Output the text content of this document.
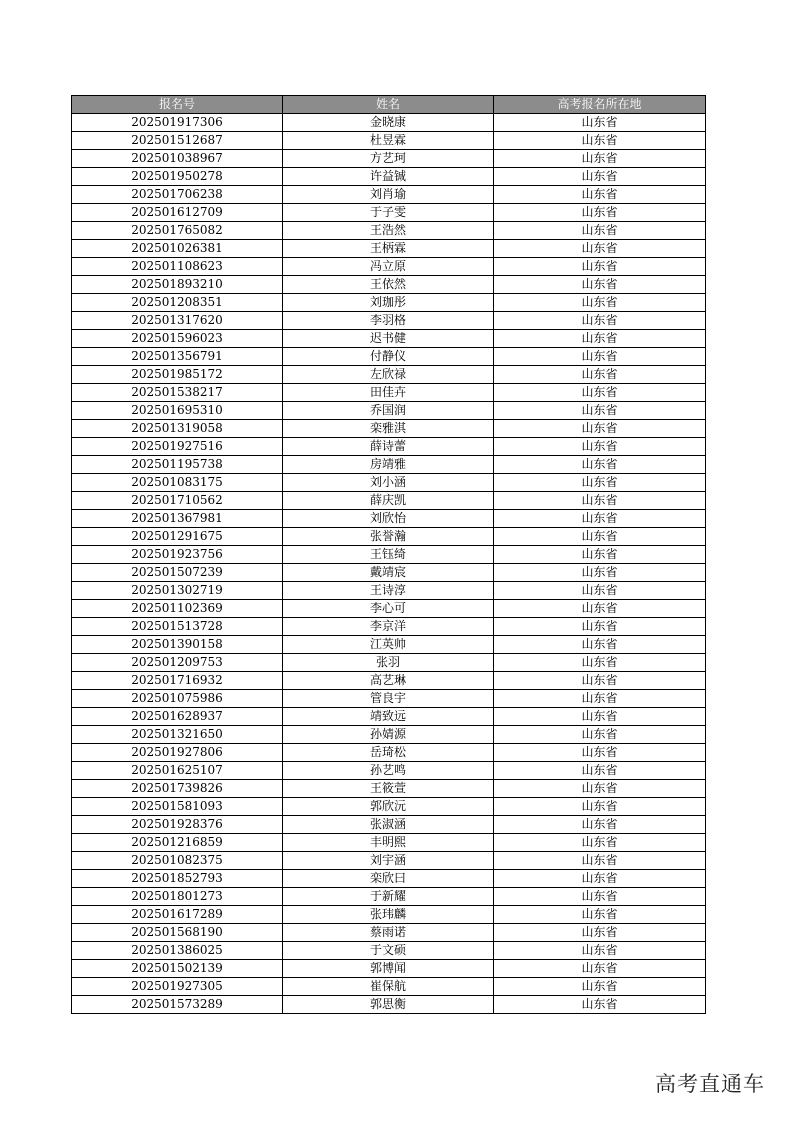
报名号	姓名	高考报名所在地
202501917306	金晓康	山东省
202501512687	杜昱霖	山东省
202501038967	方艺珂	山东省
202501950278	许益铖	山东省
202501706238	刘肖瑜	山东省
202501612709	于子雯	山东省
202501765082	王浩然	山东省
202501026381	王柄霖	山东省
202501108623	冯立原	山东省
202501893210	王依然	山东省
202501208351	刘珈彤	山东省
202501317620	李羽格	山东省
202501596023	迟书健	山东省
202501356791	付静仪	山东省
202501985172	左欣禄	山东省
202501538217	田佳卉	山东省
202501695310	乔国润	山东省
202501319058	栾雅淇	山东省
202501927516	薛诗蕾	山东省
202501195738	房靖雅	山东省
202501083175	刘小涵	山东省
202501710562	薛庆凯	山东省
202501367981	刘欣怡	山东省
202501291675	张誉瀚	山东省
202501923756	王钰绮	山东省
202501507239	戴靖宸	山东省
202501302719	王诗淳	山东省
202501102369	李心可	山东省
202501513728	李京洋	山东省
202501390158	江英帅	山东省
202501209753	张羽	山东省
202501716932	高艺琳	山东省
202501075986	管良宇	山东省
202501628937	靖致远	山东省
202501321650	孙婧源	山东省
202501927806	岳琦松	山东省
202501625107	孙艺鸣	山东省
202501739826	王筱萱	山东省
202501581093	郭欣沅	山东省
202501928376	张淑涵	山东省
202501216859	丰明熙	山东省
202501082375	刘宇涵	山东省
202501852793	栾欣曰	山东省
202501801273	于新耀	山东省
202501617289	张玮麟	山东省
202501568190	蔡雨诺	山东省
202501386025	于文硕	山东省
202501502139	郭博闻	山东省
202501927305	崔保航	山东省
202501573289	郭思衡	山东省
高考直通车
